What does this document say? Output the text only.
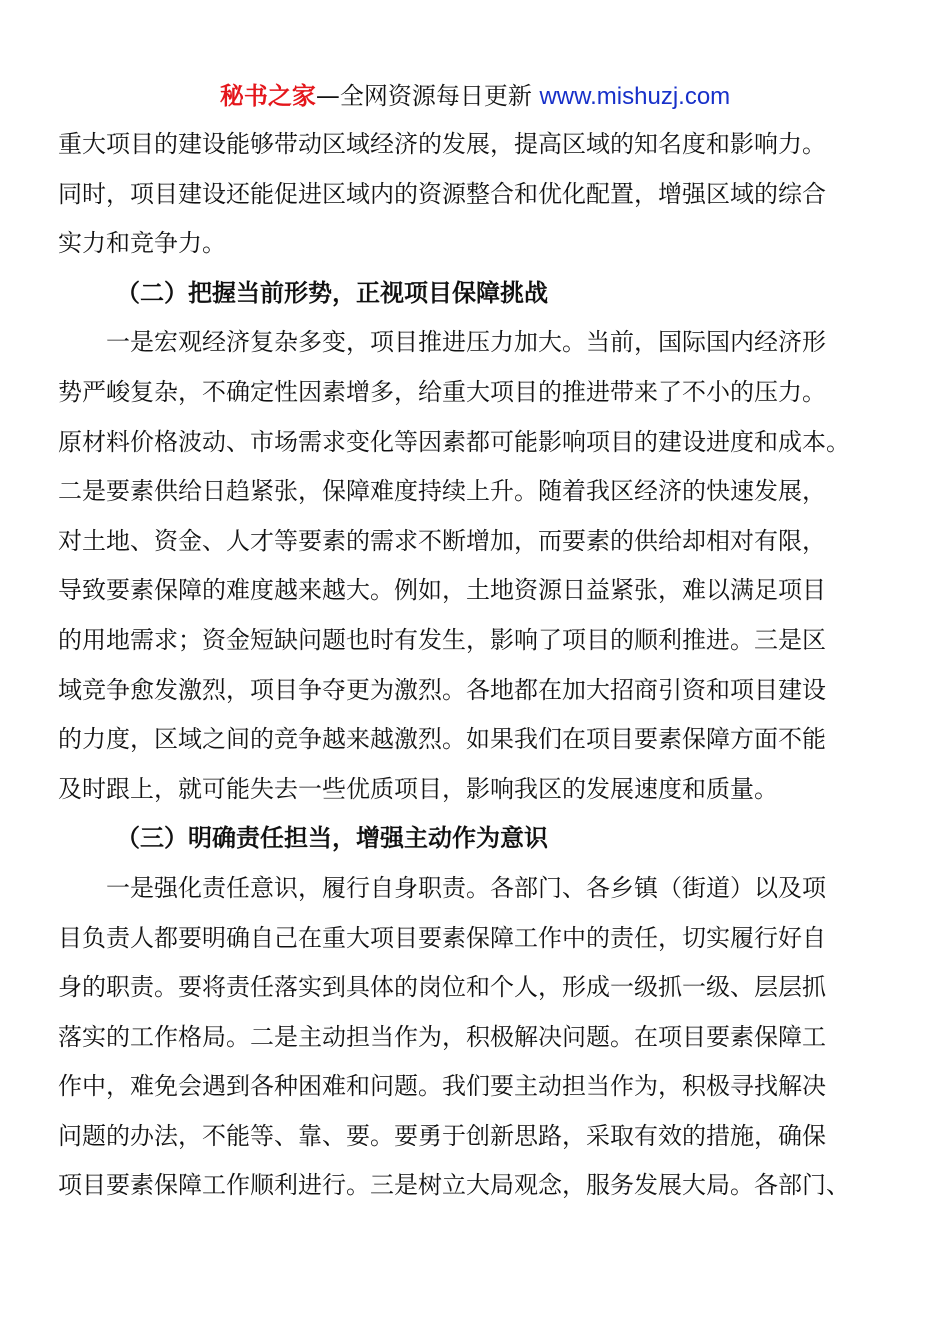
秘书之家—全网资源每日更新 www.mishuzj.com
重大项目的建设能够带动区域经济的发展，提高区域的知名度和影响力。
同时，项目建设还能促进区域内的资源整合和优化配置，增强区域的综合
实力和竞争力。
（二）把握当前形势，正视项目保障挑战
一是宏观经济复杂多变，项目推进压力加大。当前，国际国内经济形
势严峻复杂，不确定性因素增多，给重大项目的推进带来了不小的压力。
原材料价格波动、市场需求变化等因素都可能影响项目的建设进度和成本。
二是要素供给日趋紧张，保障难度持续上升。随着我区经济的快速发展，
对土地、资金、人才等要素的需求不断增加，而要素的供给却相对有限，
导致要素保障的难度越来越大。例如，土地资源日益紧张，难以满足项目
的用地需求；资金短缺问题也时有发生，影响了项目的顺利推进。三是区
域竞争愈发激烈，项目争夺更为激烈。各地都在加大招商引资和项目建设
的力度，区域之间的竞争越来越激烈。如果我们在项目要素保障方面不能
及时跟上，就可能失去一些优质项目，影响我区的发展速度和质量。
（三）明确责任担当，增强主动作为意识
一是强化责任意识，履行自身职责。各部门、各乡镇（街道）以及项
目负责人都要明确自己在重大项目要素保障工作中的责任，切实履行好自
身的职责。要将责任落实到具体的岗位和个人，形成一级抓一级、层层抓
落实的工作格局。二是主动担当作为，积极解决问题。在项目要素保障工
作中，难免会遇到各种困难和问题。我们要主动担当作为，积极寻找解决
问题的办法，不能等、靠、要。要勇于创新思路，采取有效的措施，确保
项目要素保障工作顺利进行。三是树立大局观念，服务发展大局。各部门、
